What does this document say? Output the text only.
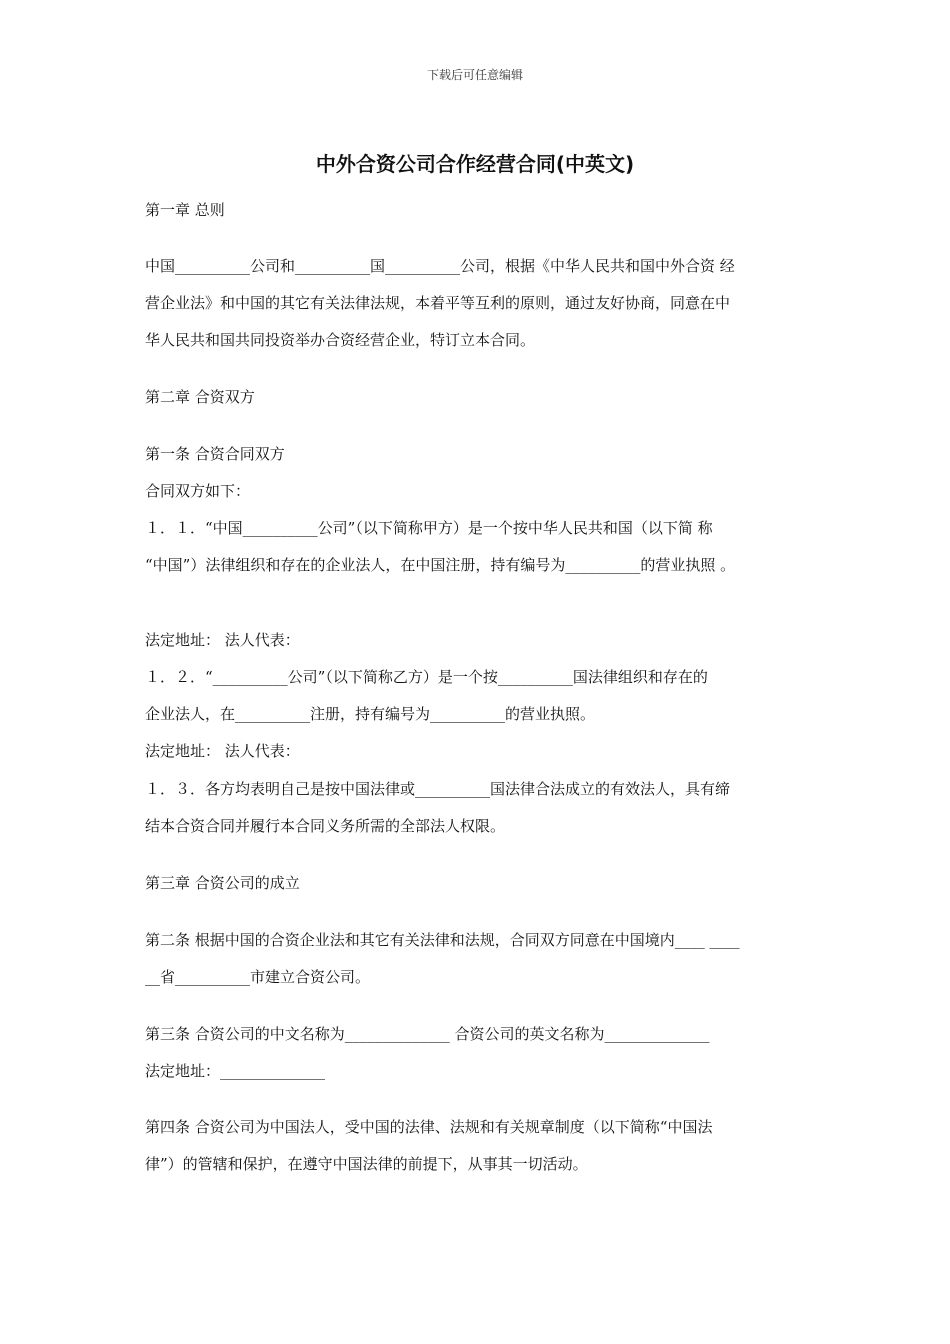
下载后可任意编辑
中外合资公司合作经营合同(中英文)
第一章 总则
中国__________公司和__________国__________公司，根据《中华人民共和国中外合资 经
营企业法》和中国的其它有关法律法规，本着平等互利的原则，通过友好协商，同意在中
华人民共和国共同投资举办合资经营企业，特订立本合同。
第二章 合资双方
第一条 合资合同双方
合同双方如下：
１．１．“中国__________公司”（以下简称甲方）是一个按中华人民共和国（以下简 称
“中国”）法律组织和存在的企业法人，在中国注册，持有编号为__________的营业执照 。
法定地址： 法人代表：
１．２．“__________公司”（以下简称乙方）是一个按__________国法律组织和存在的
企业法人，在__________注册，持有编号为__________的营业执照。
法定地址： 法人代表：
１．３．各方均表明自己是按中国法律或__________国法律合法成立的有效法人，具有缔
结本合资合同并履行本合同义务所需的全部法人权限。
第三章 合资公司的成立
第二条 根据中国的合资企业法和其它有关法律和法规，合同双方同意在中国境内____ ____
__省__________市建立合资公司。
第三条 合资公司的中文名称为______________ 合资公司的英文名称为______________
法定地址：______________
第四条 合资公司为中国法人，受中国的法律、法规和有关规章制度（以下简称“中国法
律”）的管辖和保护，在遵守中国法律的前提下，从事其一切活动。
